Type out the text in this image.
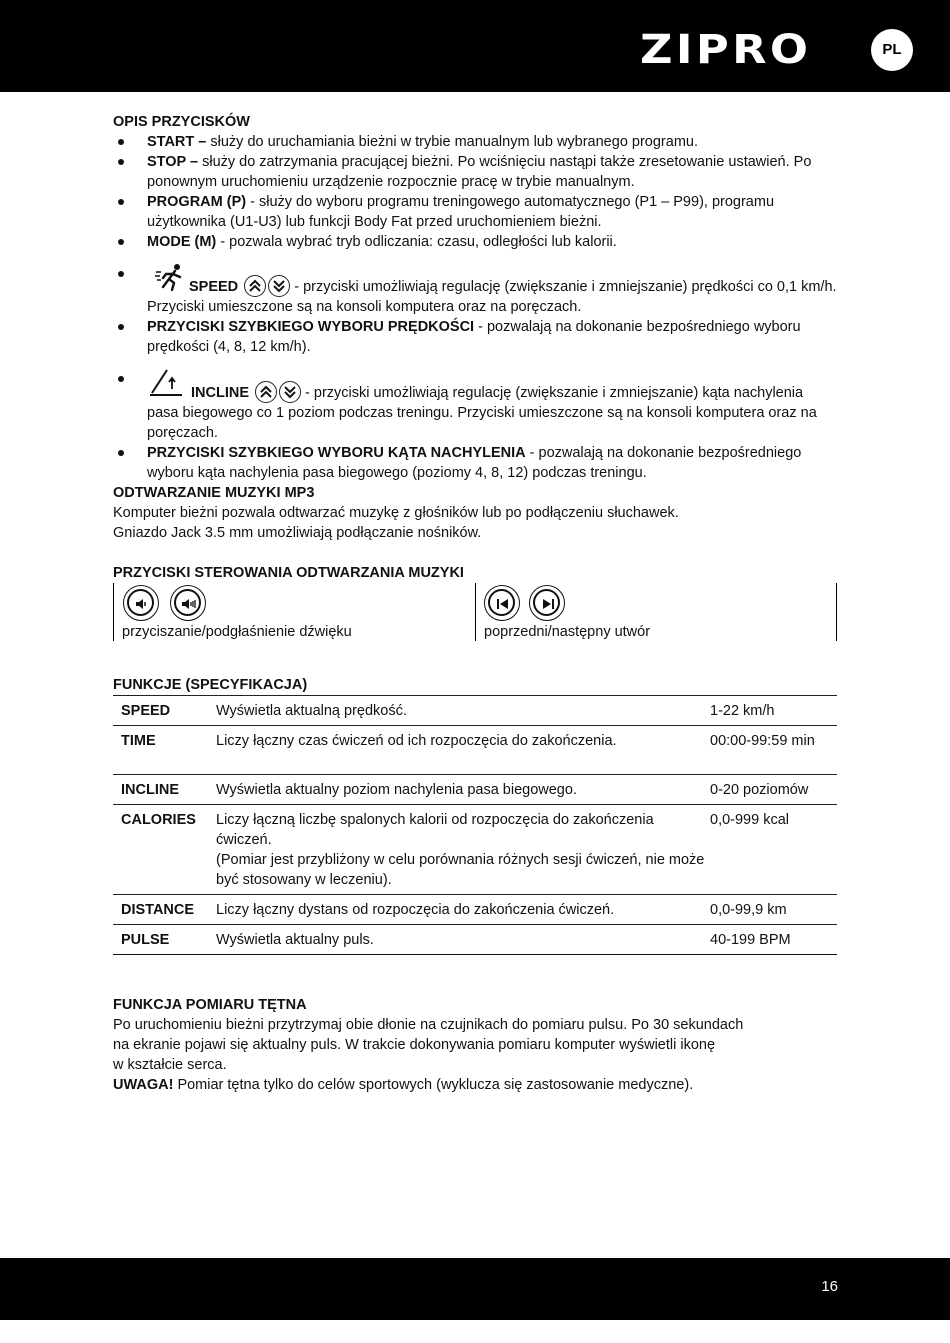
ZIPRO	PL
OPIS PRZYCISKÓW
START – służy do uruchamiania bieżni w trybie manualnym lub wybranego programu.
STOP – służy do zatrzymania pracującej bieżni. Po wciśnięciu nastąpi także zresetowanie ustawień. Po ponownym uruchomieniu urządzenie rozpocznie pracę w trybie manualnym.
PROGRAM (P) - służy do wyboru programu treningowego automatycznego (P1 – P99), programu użytkownika (U1-U3) lub funkcji Body Fat przed uruchomieniem bieżni.
MODE (M) - pozwala wybrać tryb odliczania: czasu, odległości lub kalorii.
SPEED	- przyciski umożliwiają regulację (zwiększanie i zmniejszanie) prędkości co 0,1 km/h. Przyciski umieszczone są na konsoli komputera oraz na poręczach.
PRZYCISKI SZYBKIEGO WYBORU PRĘDKOŚCI - pozwalają na dokonanie bezpośredniego wyboru prędkości (4, 8, 12 km/h).
INCLINE	- przyciski umożliwiają regulację (zwiększanie i zmniejszanie) kąta nachylenia pasa biegowego co 1 poziom podczas treningu. Przyciski umieszczone są na konsoli komputera oraz na poręczach.
PRZYCISKI SZYBKIEGO WYBORU KĄTA NACHYLENIA - pozwalają na dokonanie bezpośredniego wyboru kąta nachylenia pasa biegowego (poziomy 4, 8, 12) podczas treningu.
ODTWARZANIE MUZYKI MP3
Komputer bieżni pozwala odtwarzać muzykę z głośników lub po podłączeniu słuchawek.
Gniazdo Jack 3.5 mm umożliwiają podłączanie nośników.
PRZYCISKI STEROWANIA ODTWARZANIA MUZYKI
przyciszanie/podgłaśnienie dźwięku	poprzedni/następny utwór
FUNKCJE (SPECYFIKACJA)
SPEED	Wyświetla aktualną prędkość.	1-22 km/h
TIME	Liczy łączny czas ćwiczeń od ich rozpoczęcia do zakończenia.	00:00-99:59 min
INCLINE	Wyświetla aktualny poziom nachylenia pasa biegowego.	0-20 poziomów
CALORIES	Liczy łączną liczbę spalonych kalorii od rozpoczęcia do zakończenia ćwiczeń.
(Pomiar jest przybliżony w celu porównania różnych sesji ćwiczeń, nie może być stosowany w leczeniu).	0,0-999 kcal
DISTANCE	Liczy łączny dystans od rozpoczęcia do zakończenia ćwiczeń.	0,0-99,9 km
PULSE	Wyświetla aktualny puls.	40-199 BPM
FUNKCJA POMIARU TĘTNA
Po uruchomieniu bieżni przytrzymaj obie dłonie na czujnikach do pomiaru pulsu. Po 30 sekundach
na ekranie pojawi się aktualny puls. W trakcie dokonywania pomiaru komputer wyświetli ikonę
w kształcie serca.
UWAGA! Pomiar tętna tylko do celów sportowych (wyklucza się zastosowanie medyczne).
16
